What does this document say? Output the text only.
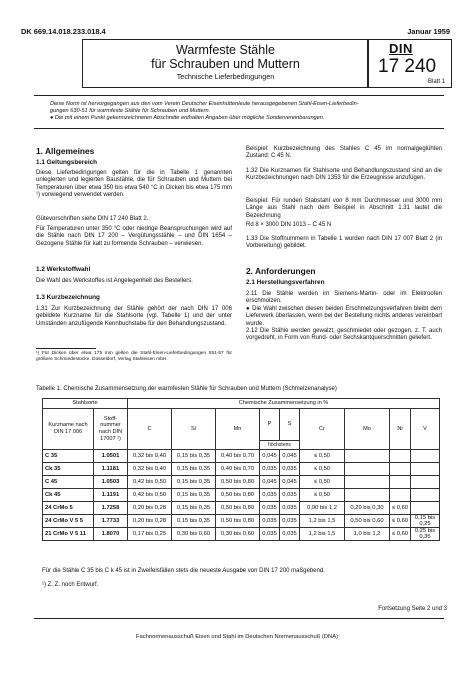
DK 669.14.018.233.018.4	Januar 1959
Warmfeste Stähle
für Schrauben und Muttern
Technische Lieferbedingungen
DIN
17 240
Blatt 1
Diese Norm ist hervorgegangen aus den vom Verein Deutscher Eisenhüttenleute herausgegebenen Stahl-Eisen-Lieferbedin-
gungen 630-51 für warmfeste Stähle für Schrauben und Muttern.
● Die mit einem Punkt gekennzeichneten Abschnitte enthalten Angaben über mögliche Sondervereinbarungen.
1. Allgemeines
1.1 Geltungsbereich

Diese Lieferbedingungen gelten für die in Tabelle 1 genannten unlegierten und legierten Baustähle, die für Schrauben und Muttern bei Temperaturen über etwa 350 bis etwa 540 °C in Dicken bis etwa 175 mm ¹) vorwiegend verwendet werden.

Gütevorschriften siehe DIN 17 240 Blatt 2.

Für Temperaturen unter 350 °C oder niedrige Beanspruchungen wird auf die Stähle nach DIN 17 200 – Vergütungsstähle – und DIN 1654 – Gezogene Stähle für kalt zu formende Schrauben – verwiesen.

1.2 Werkstoffwahl

Die Wahl des Werkstoffes ist Angelegenheit des Bestellers.

1.3 Kurzbezeichnung

1.31 Zur Kurzbezeichnung der Stähle gehört der nach DIN 17 006 gebildete Kurzname für die Stahlsorte (vgl. Tabelle 1) und der unter Umständen anzufügende Kennbuchstabe für den Behandlungszustand.

¹) Für Dicken über etwa 175 mm gelten die Stahl-Eisen-Lieferbedingungen 551-57 für größere Schmiedestücke. Düsseldorf, Verlag Stahleisen mbH.

Beispiel: Kurzbezeichnung des Stahles C 45 im normalgeglühten Zustand: C 45 N.

1.32 Die Kurznamen für Stahlsorte und Behandlungszustand sind an die Kurzbezeichnungen nach DIN 1353 für die Erzeugnisse anzufügen.

Beispiel: Für runden Stabstahl von 8 mm Durchmesser und 3000 mm Länge aus Stahl nach dem Beispiel in Abschnitt 1.31 lautet die Bezeichnung

Rd 8 × 3000 DIN 1013 – C 45 N

1.33 Die Stoffnummern in Tabelle 1 wurden nach DIN 17 007 Blatt 2 (in Vorbereitung) gebildet.

2. Anforderungen
2.1 Herstellungsverfahren

2.11 Die Stähle werden im Siemens-Martin- oder im Elektroofen erschmolzen.

● Die Wahl zwischen diesen beiden Erschmelzungsverfahren bleibt dem Lieferwerk überlassen, wenn bei der Bestellung nichts anderes vereinbart wurde.

2.12 Die Stähle werden gewalzt, geschmiedet oder gezogen, z. T. auch vorgedreht, in Form von Rund- oder Sechskantquerschnitten geliefert.

Tabelle 1. Chemische Zusammensetzung der warmfesten Stähle für Schrauben und Muttern (Schmelzenanalyse)

Stahlsorte		Chemische Zusammensetzung in %								
Kurzname nach DIN 17 006	Stoff-nummer nach DIN 17007 ¹)	C	Si	Mn	P	S	Cr	Mo	Ni	V
					höchstens					
C 35	1.0501	0,32 bis 0,40	0,15 bis 0,35	0,40 bis 0,70	0,045	0,045	≤ 0,50			
Ck 35	1.1181	0,32 bis 0,40	0,15 bis 0,35	0,40 bis 0,70	0,035	0,035	≤ 0,50			
C 45	1.0503	0,42 bis 0,50	0,15 bis 0,35	0,50 bis 0,80	0,045	0,045	≤ 0,50			
Ck 45	1.1191	0,42 bis 0,50	0,15 bis 0,35	0,50 bis 0,80	0,035	0,035	≤ 0,50			
24 CrMo 5	1.7258	0,20 bis 0,28	0,15 bis 0,35	0,50 bis 0,80	0,035	0,035	0,90 bis 1,2	0,20 bis 0,30	≤ 0,60	
24 CrMo V 5 5	1.7733	0,20 bis 0,28	0,15 bis 0,35	0,50 bis 0,80	0,035	0,035	1,2 bis 1,5	0,50 bis 0,60	≤ 0,60	0,15 bis 0,25
21 CrMo V 5 11	1.8070	0,17 bis 0,25	0,30 bis 0,60	0,30 bis 0,60	0,035	0,035	1,2 bis 1,5	1,0 bis 1,2	≤ 0,60	0,25 bis 0,35

Für die Stähle C 35 bis C k 45 ist in Zweifelsfällen stets die neueste Ausgabe von DIN 17 200 maßgebend.

¹) Z. Z. noch Entwurf.

Fortsetzung Seite 2 und 3
Fachnormenausschuß Eisen und Stahl im Deutschen Normenausschuß (DNA)
